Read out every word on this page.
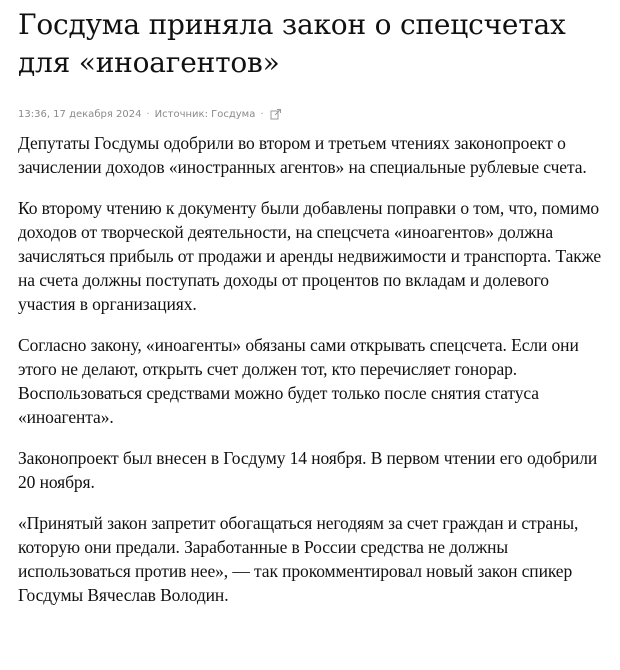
Госдума приняла закон о спецсчетах для «иноагентов»
13:36, 17 декабря 2024 · Источник: Госдума ·

Депутаты Госдумы одобрили во втором и третьем чтениях законопроект о зачислении доходов «иностранных агентов» на специальные рублевые счета.

Ко второму чтению к документу были добавлены поправки о том, что, помимо доходов от творческой деятельности, на спецсчета «иноагентов» должна зачисляться прибыль от продажи и аренды недвижимости и транспорта. Также на счета должны поступать доходы от процентов по вкладам и долевого участия в организациях.

Согласно закону, «иноагенты» обязаны сами открывать спецсчета. Если они этого не делают, открыть счет должен тот, кто перечисляет гонорар. Воспользоваться средствами можно будет только после снятия статуса «иноагента».

Законопроект был внесен в Госдуму 14 ноября. В первом чтении его одобрили 20 ноября.

«Принятый закон запретит обогащаться негодяям за счет граждан и страны, которую они предали. Заработанные в России средства не должны использоваться против нее», — так прокомментировал новый закон спикер Госдумы Вячеслав Володин.
